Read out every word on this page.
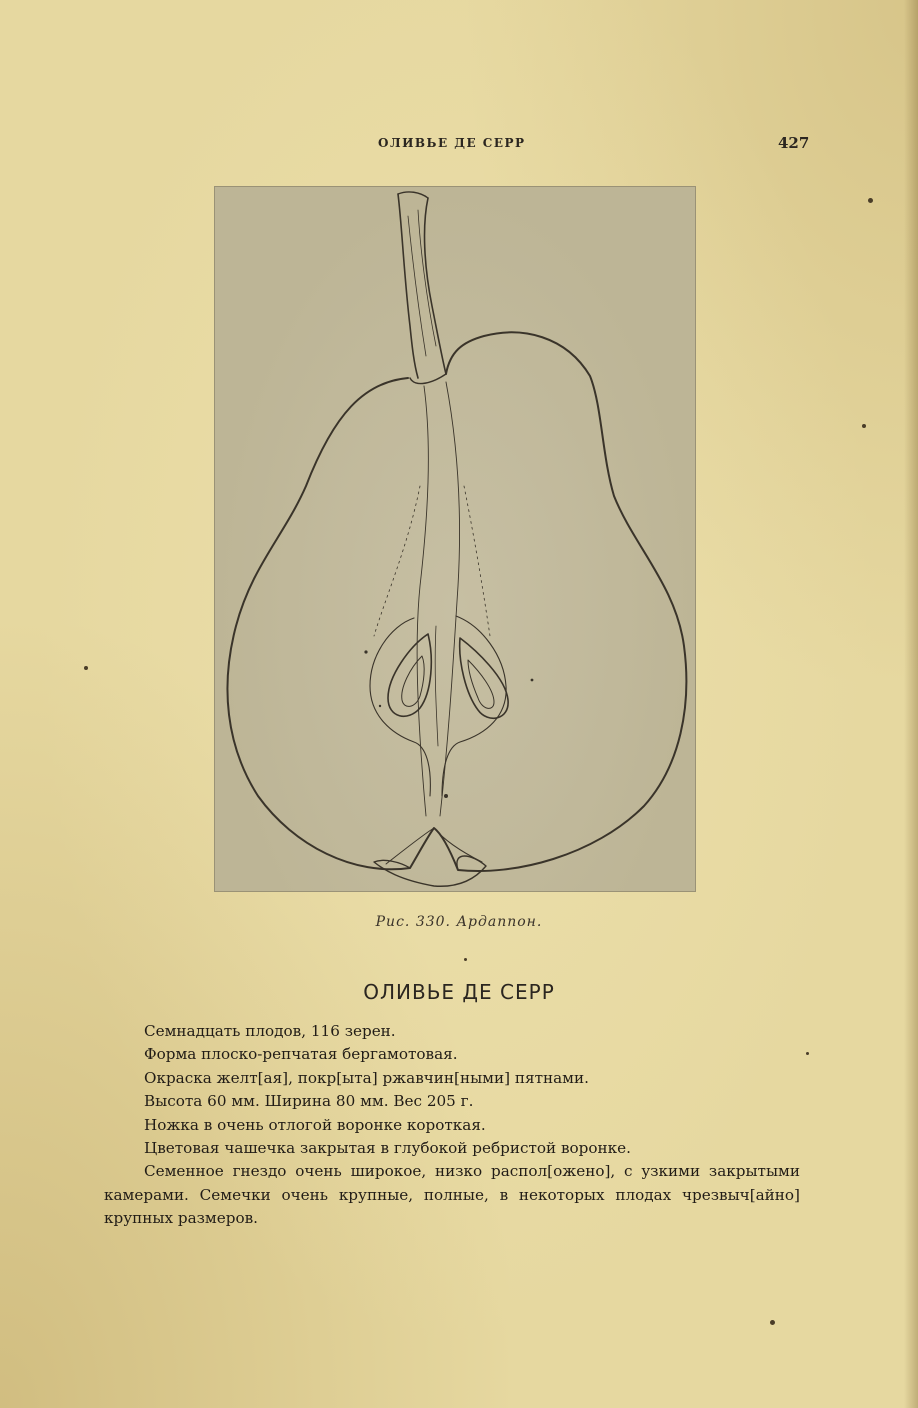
ОЛИВЬЕ ДЕ СЕРР	427
Рис. 330. Ардаппон.
ОЛИВЬЕ ДЕ СЕРР

Семнадцать плодов, 116 зерен.

Форма плоско-репчатая бергамотовая.

Окраска желт[ая], покр[ыта] ржавчин[ными] пятнами.

Высота 60 мм. Ширина 80 мм. Вес 205 г.

Ножка в очень отлогой воронке короткая.

Цветовая чашечка закрытая в глубокой ребристой воронке.

Семенное гнездо очень широкое, низко распол[ожено], с узкими закрытыми камерами. Семечки очень крупные, полные, в некоторых плодах чрезвыч[айно] крупных размеров.
